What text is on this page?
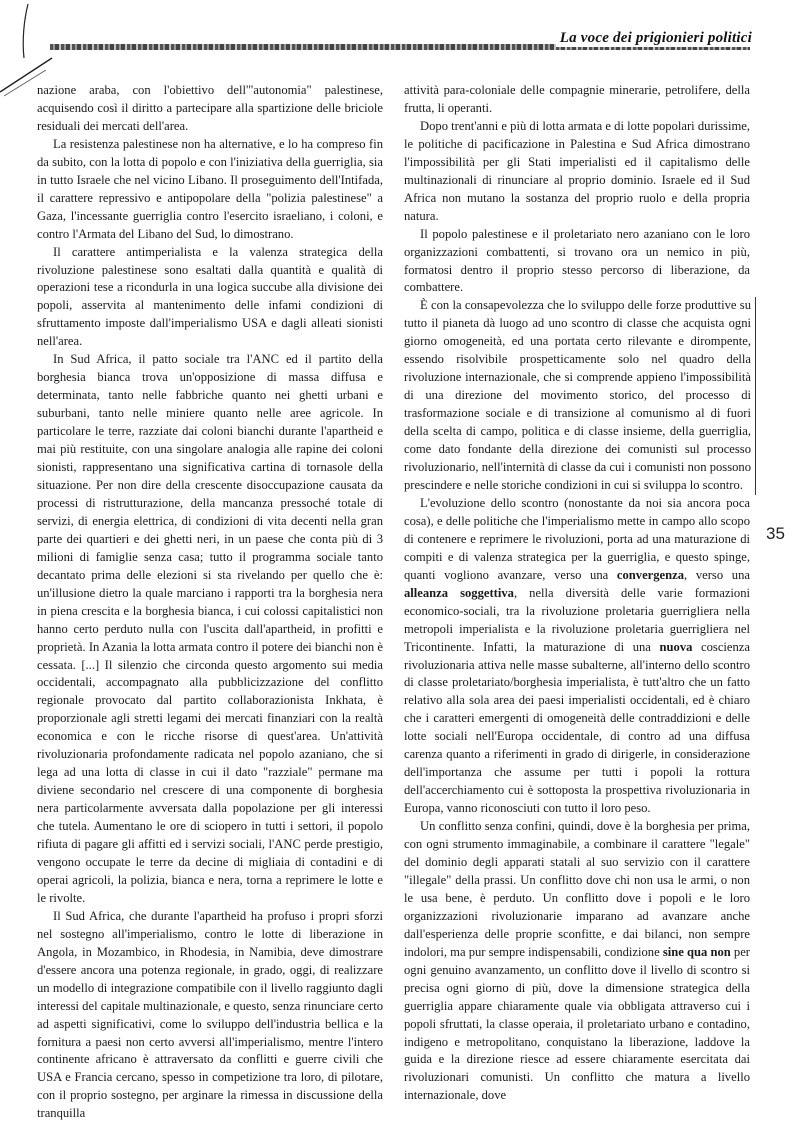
La voce dei prigionieri politici

nazione araba, con l'obiettivo dell'"autonomia" palestinese, acquisendo così il diritto a partecipare alla spartizione delle briciole residuali dei mercati dell'area.

La resistenza palestinese non ha alternative, e lo ha compreso fin da subito, con la lotta di popolo e con l'iniziativa della guerriglia, sia in tutto Israele che nel vicino Libano. Il proseguimento dell'Intifada, il carattere repressivo e antipopolare della "polizia palestinese" a Gaza, l'incessante guerriglia contro l'esercito israeliano, i coloni, e contro l'Armata del Libano del Sud, lo dimostrano.

Il carattere antimperialista e la valenza strategica della rivoluzione palestinese sono esaltati dalla quantità e qualità di operazioni tese a ricondurla in una logica succube alla divisione dei popoli, asservita al mantenimento delle infami condizioni di sfruttamento imposte dall'imperialismo USA e dagli alleati sionisti nell'area.

In Sud Africa, il patto sociale tra l'ANC ed il partito della borghesia bianca trova un'opposizione di massa diffusa e determinata, tanto nelle fabbriche quanto nei ghetti urbani e suburbani, tanto nelle miniere quanto nelle aree agricole. In particolare le terre, razziate dai coloni bianchi durante l'apartheid e mai più restituite, con una singolare analogia alle rapine dei coloni sionisti, rappresentano una significativa cartina di tornasole della situazione. Per non dire della crescente disoccupazione causata da processi di ristrutturazione, della mancanza pressoché totale di servizi, di energia elettrica, di condizioni di vita decenti nella gran parte dei quartieri e dei ghetti neri, in un paese che conta più di 3 milioni di famiglie senza casa; tutto il programma sociale tanto decantato prima delle elezioni si sta rivelando per quello che è: un'illusione dietro la quale marciano i rapporti tra la borghesia nera in piena crescita e la borghesia bianca, i cui colossi capitalistici non hanno certo perduto nulla con l'uscita dall'apartheid, in profitti e proprietà. In Azania la lotta armata contro il potere dei bianchi non è cessata. [...] Il silenzio che circonda questo argomento sui media occidentali, accompagnato alla pubblicizzazione del conflitto regionale provocato dal partito collaborazionista Inkhata, è proporzionale agli stretti legami dei mercati finanziari con la realtà economica e con le ricche risorse di quest'area. Un'attività rivoluzionaria profondamente radicata nel popolo azaniano, che si lega ad una lotta di classe in cui il dato "razziale" permane ma diviene secondario nel crescere di una componente di borghesia nera particolarmente avversata dalla popolazione per gli interessi che tutela. Aumentano le ore di sciopero in tutti i settori, il popolo rifiuta di pagare gli affitti ed i servizi sociali, l'ANC perde prestigio, vengono occupate le terre da decine di migliaia di contadini e di operai agricoli, la polizia, bianca e nera, torna a reprimere le lotte e le rivolte.

Il Sud Africa, che durante l'apartheid ha profuso i propri sforzi nel sostegno all'imperialismo, contro le lotte di liberazione in Angola, in Mozambico, in Rhodesia, in Namibia, deve dimostrare d'essere ancora una potenza regionale, in grado, oggi, di realizzare un modello di integrazione compatibile con il livello raggiunto dagli interessi del capitale multinazionale, e questo, senza rinunciare certo ad aspetti significativi, come lo sviluppo dell'industria bellica e la fornitura a paesi non certo avversi all'imperialismo, mentre l'intero continente africano è attraversato da conflitti e guerre civili che USA e Francia cercano, spesso in competizione tra loro, di pilotare, con il proprio sostegno, per arginare la rimessa in discussione della tranquilla

attività para-coloniale delle compagnie minerarie, petrolifere, della frutta, li operanti.

Dopo trent'anni e più di lotta armata e di lotte popolari durissime, le politiche di pacificazione in Palestina e Sud Africa dimostrano l'impossibilità per gli Stati imperialisti ed il capitalismo delle multinazionali di rinunciare al proprio dominio. Israele ed il Sud Africa non mutano la sostanza del proprio ruolo e della propria natura.

Il popolo palestinese e il proletariato nero azaniano con le loro organizzazioni combattenti, si trovano ora un nemico in più, formatosi dentro il proprio stesso percorso di liberazione, da combattere.

È con la consapevolezza che lo sviluppo delle forze produttive su tutto il pianeta dà luogo ad uno scontro di classe che acquista ogni giorno omogeneità, ed una portata certo rilevante e dirompente, essendo risolvibile prospetticamente solo nel quadro della rivoluzione internazionale, che si comprende appieno l'impossibilità di una direzione del movimento storico, del processo di trasformazione sociale e di transizione al comunismo al di fuori della scelta di campo, politica e di classe insieme, della guerriglia, come dato fondante della direzione dei comunisti sul processo rivoluzionario, nell'internità di classe da cui i comunisti non possono prescindere e nelle storiche condizioni in cui si sviluppa lo scontro.

L'evoluzione dello scontro (nonostante da noi sia ancora poca cosa), e delle politiche che l'imperialismo mette in campo allo scopo di contenere e reprimere le rivoluzioni, porta ad una maturazione di compiti e di valenza strategica per la guerriglia, e questo spinge, quanti vogliono avanzare, verso una convergenza, verso una alleanza soggettiva, nella diversità delle varie formazioni economico-sociali, tra la rivoluzione proletaria guerrigliera nella metropoli imperialista e la rivoluzione proletaria guerrigliera nel Tricontinente. Infatti, la maturazione di una nuova coscienza rivoluzionaria attiva nelle masse subalterne, all'interno dello scontro di classe proletariato/borghesia imperialista, è tutt'altro che un fatto relativo alla sola area dei paesi imperialisti occidentali, ed è chiaro che i caratteri emergenti di omogeneità delle contraddizioni e delle lotte sociali nell'Europa occidentale, di contro ad una diffusa carenza quanto a riferimenti in grado di dirigerle, in considerazione dell'importanza che assume per tutti i popoli la rottura dell'accerchiamento cui è sottoposta la prospettiva rivoluzionaria in Europa, vanno riconosciuti con tutto il loro peso.

Un conflitto senza confini, quindi, dove è la borghesia per prima, con ogni strumento immaginabile, a combinare il carattere "legale" del dominio degli apparati statali al suo servizio con il carattere "illegale" della prassi. Un conflitto dove chi non usa le armi, o non le usa bene, è perduto. Un conflitto dove i popoli e le loro organizzazioni rivoluzionarie imparano ad avanzare anche dall'esperienza delle proprie sconfitte, e dai bilanci, non sempre indolori, ma pur sempre indispensabili, condizione sine qua non per ogni genuino avanzamento, un conflitto dove il livello di scontro si precisa ogni giorno di più, dove la dimensione strategica della guerriglia appare chiaramente quale via obbligata attraverso cui i popoli sfruttati, la classe operaia, il proletariato urbano e contadino, indigeno e metropolitano, conquistano la liberazione, laddove la guida e la direzione riesce ad essere chiaramente esercitata dai rivoluzionari comunisti. Un conflitto che matura a livello internazionale, dove

35
